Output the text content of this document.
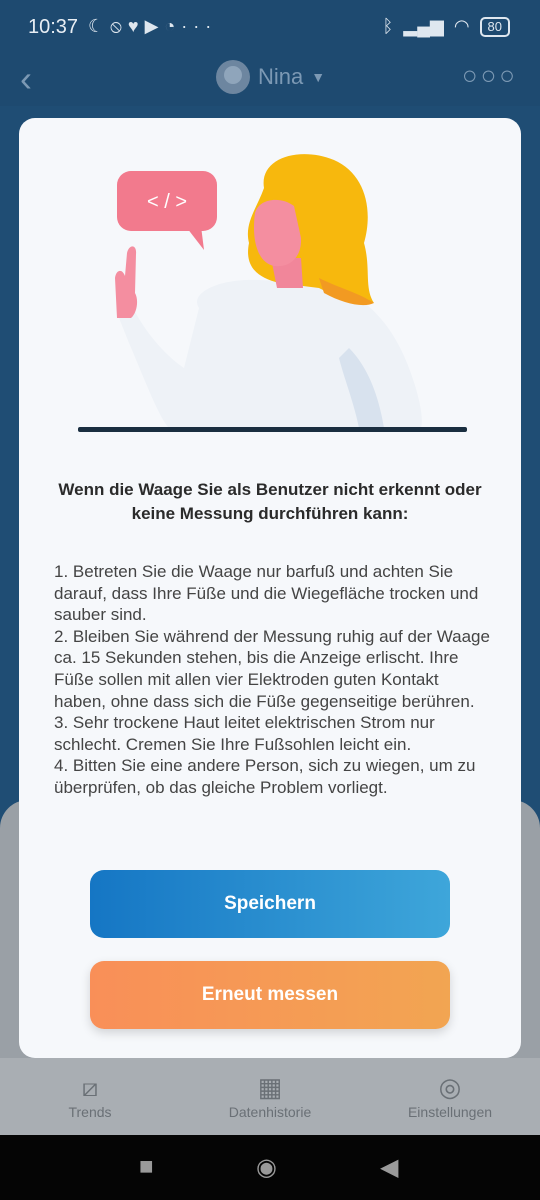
10:37 ☾⦸♥▶◔···	ᛒ ▂▄▆ ◠	80
‹	Nina ▼	○○○
⧄
Trends
▦
Datenhistorie
◎
Einstellungen
■	◉	◀
< / >
Wenn die Waage Sie als Benutzer nicht erkennt oder keine Messung durchführen kann:
1. Betreten Sie die Waage nur barfuß und achten Sie darauf, dass Ihre Füße und die Wiegefläche trocken und sauber sind.
2. Bleiben Sie während der Messung ruhig auf der Waage ca. 15 Sekunden stehen, bis die Anzeige erlischt. Ihre Füße sollen mit allen vier Elektroden guten Kontakt haben, ohne dass sich die Füße gegenseitige berühren.
3. Sehr trockene Haut leitet elektrischen Strom nur schlecht. Cremen Sie Ihre Fußsohlen leicht ein.
4. Bitten Sie eine andere Person, sich zu wiegen, um zu überprüfen, ob das gleiche Problem vorliegt.
Speichern
Erneut messen
